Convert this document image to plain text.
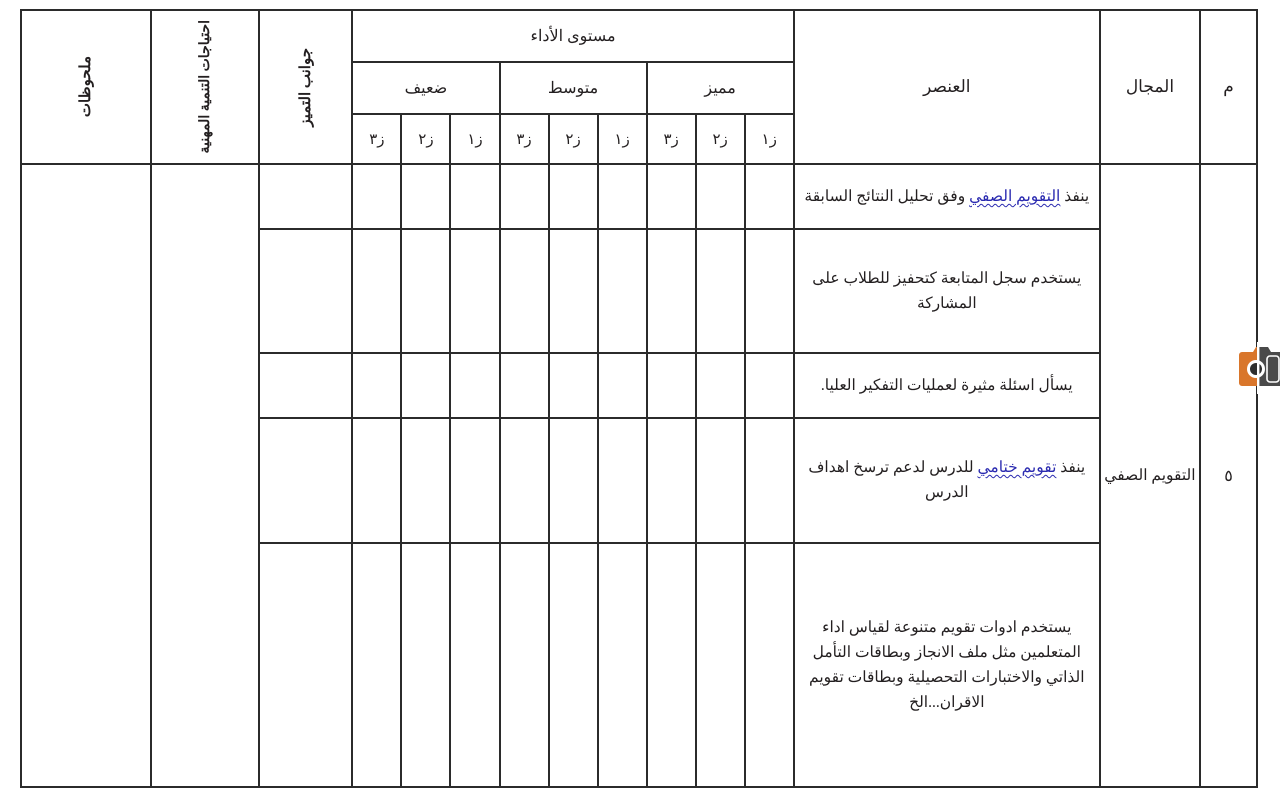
م	المجال	العنصر	مستوى الأداء									جوانب التميز	احتياجات التنمية المهنية	ملحوظات

			مميز			متوسط			ضعيف					
			ز١	ز٢	ز٣	ز١	ز٢	ز٣	ز١	ز٢	ز٣			
٥	التقويم الصفي	ينفذ التقويم الصفي وفق تحليل النتائج السابقة												
		يستخدم سجل المتابعة كتحفيز للطلاب على المشاركة												
		يسأل اسئلة مثيرة لعمليات التفكير العليا.												
		ينفذ تقويم ختامي للدرس لدعم ترسخ اهداف الدرس												
		يستخدم ادوات تقويم متنوعة لقياس اداء المتعلمين مثل ملف الانجاز وبطاقات التأمل الذاتي والاختبارات التحصيلية وبطاقات تقويم الاقران...الخ												
